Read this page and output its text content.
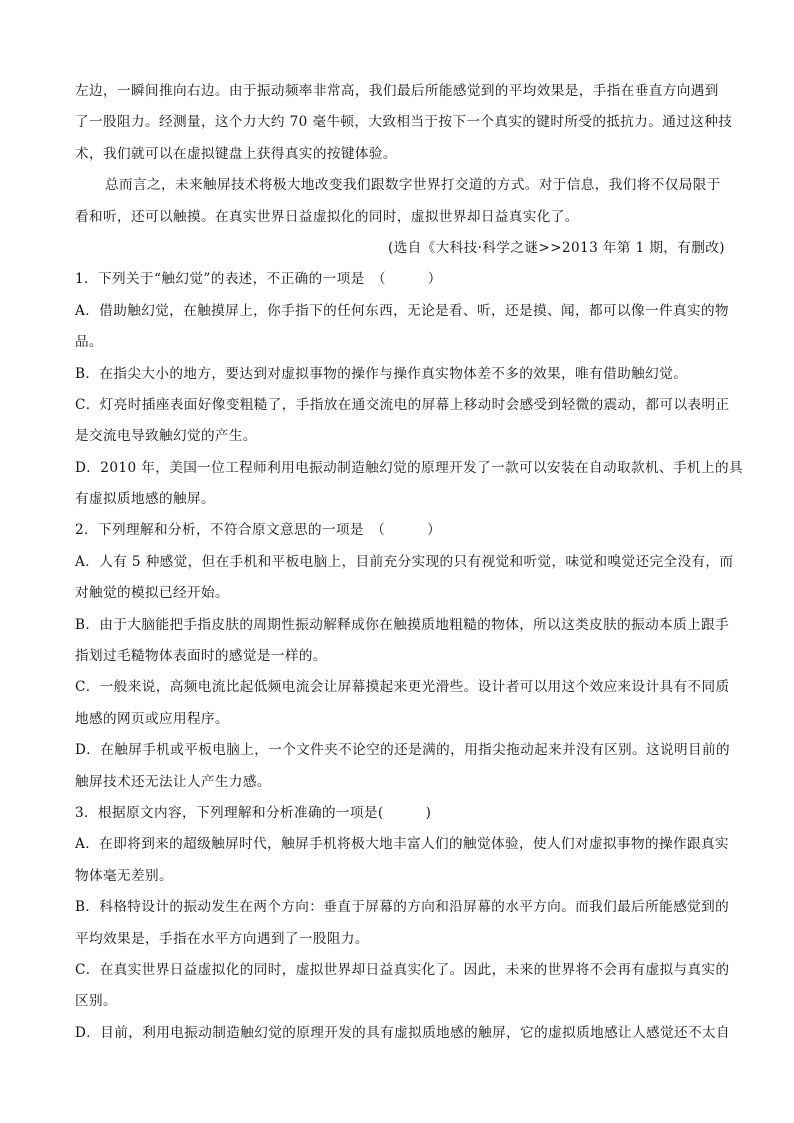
左边，一瞬间推向右边。由于振动频率非常高，我们最后所能感觉到的平均效果是，手指在垂直方向遇到
了一股阻力。经测量，这个力大约 70 毫牛顿，大致相当于按下一个真实的键时所受的抵抗力。通过这种技
术，我们就可以在虚拟键盘上获得真实的按键体验。
总而言之，未来触屏技术将极大地改变我们跟数字世界打交道的方式。对于信息，我们将不仅局限于
看和听，还可以触摸。在真实世界日益虚拟化的同时，虚拟世界却日益真实化了。
(选自《大科技·科学之谜>>2013 年第 1 期，有删改)
1．下列关于“触幻觉”的表述，不正确的一项是　（　　　）
A．借助触幻觉，在触摸屏上，你手指下的任何东西，无论是看、听，还是摸、闻，都可以像一件真实的物
品。
B．在指尖大小的地方，要达到对虚拟事物的操作与操作真实物体差不多的效果，唯有借助触幻觉。
C．灯亮时插座表面好像变粗糙了，手指放在通交流电的屏幕上移动时会感受到轻微的震动，都可以表明正
是交流电导致触幻觉的产生。
D．2010 年，美国一位工程师利用电振动制造触幻觉的原理开发了一款可以安装在自动取款机、手机上的具
有虚拟质地感的触屏。
2．下列理解和分析，不符合原文意思的一项是　（　　　）
A．人有 5 种感觉，但在手机和平板电脑上，目前充分实现的只有视觉和听觉，味觉和嗅觉还完全没有，而
对触觉的模拟已经开始。
B．由于大脑能把手指皮肤的周期性振动解释成你在触摸质地粗糙的物体，所以这类皮肤的振动本质上跟手
指划过毛糙物体表面时的感觉是一样的。
C．一般来说，高频电流比起低频电流会让屏幕摸起来更光滑些。设计者可以用这个效应来设计具有不同质
地感的网页或应用程序。
D．在触屏手机或平板电脑上，一个文件夹不论空的还是满的，用指尖拖动起来并没有区别。这说明目前的
触屏技术还无法让人产生力感。
3．根据原文内容，下列理解和分析准确的一项是(　　　)
A．在即将到来的超级触屏时代，触屏手机将极大地丰富人们的触觉体验，使人们对虚拟事物的操作跟真实
物体毫无差别。
B．科格特设计的振动发生在两个方向：垂直于屏幕的方向和沿屏幕的水平方向。而我们最后所能感觉到的
平均效果是，手指在水平方向遇到了一股阻力。
C．在真实世界日益虚拟化的同时，虚拟世界却日益真实化了。因此，未来的世界将不会再有虚拟与真实的
区别。
D．目前，利用电振动制造触幻觉的原理开发的具有虚拟质地感的触屏，它的虚拟质地感让人感觉还不太自
